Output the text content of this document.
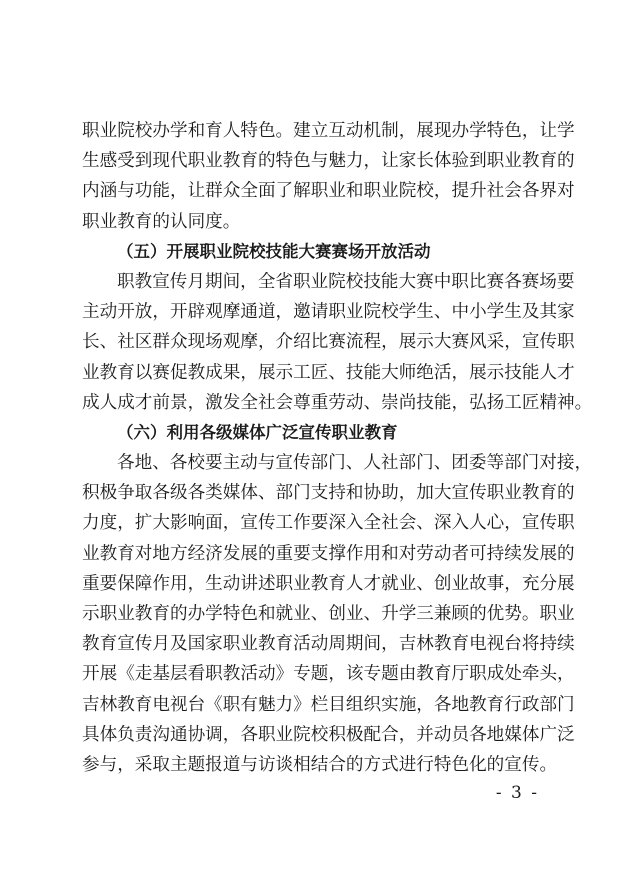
职业院校办学和育人特色。建立互动机制，展现办学特色，让学
生感受到现代职业教育的特色与魅力，让家长体验到职业教育的
内涵与功能，让群众全面了解职业和职业院校，提升社会各界对
职业教育的认同度。
（五）开展职业院校技能大赛赛场开放活动
职教宣传月期间，全省职业院校技能大赛中职比赛各赛场要
主动开放，开辟观摩通道，邀请职业院校学生、中小学生及其家
长、社区群众现场观摩，介绍比赛流程，展示大赛风采，宣传职
业教育以赛促教成果，展示工匠、技能大师绝活，展示技能人才
成人成才前景，激发全社会尊重劳动、崇尚技能，弘扬工匠精神。
（六）利用各级媒体广泛宣传职业教育
各地、各校要主动与宣传部门、人社部门、团委等部门对接，
积极争取各级各类媒体、部门支持和协助，加大宣传职业教育的
力度，扩大影响面，宣传工作要深入全社会、深入人心，宣传职
业教育对地方经济发展的重要支撑作用和对劳动者可持续发展的
重要保障作用，生动讲述职业教育人才就业、创业故事，充分展
示职业教育的办学特色和就业、创业、升学三兼顾的优势。职业
教育宣传月及国家职业教育活动周期间，吉林教育电视台将持续
开展《走基层看职教活动》专题，该专题由教育厅职成处牵头，
吉林教育电视台《职有魅力》栏目组织实施，各地教育行政部门
具体负责沟通协调，各职业院校积极配合，并动员各地媒体广泛
参与，采取主题报道与访谈相结合的方式进行特色化的宣传。
- 3 -
